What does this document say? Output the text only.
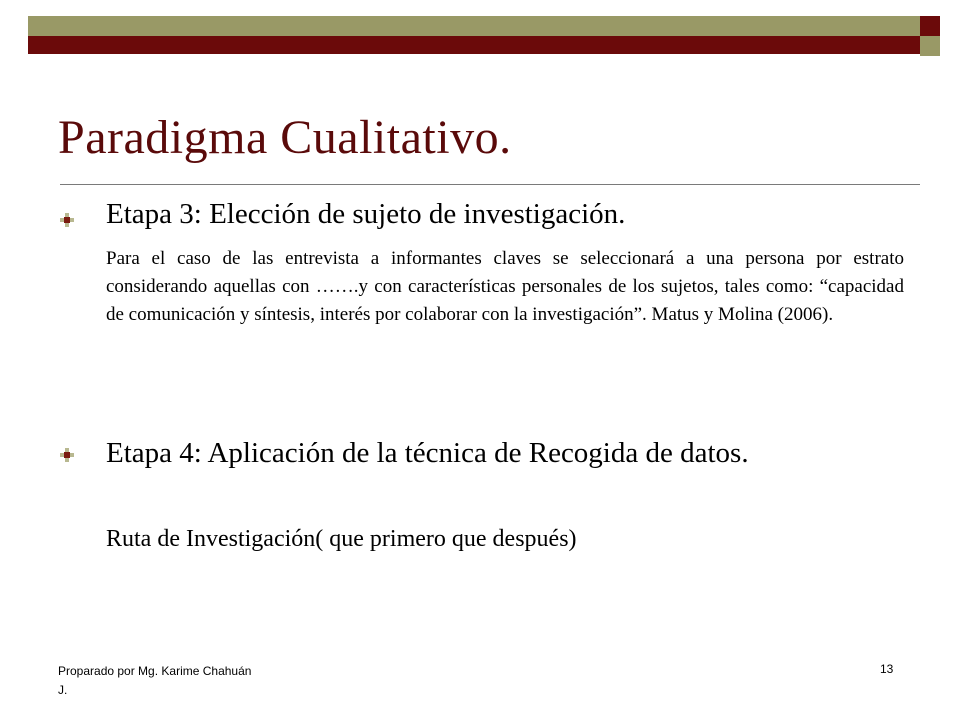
Paradigma Cualitativo.

Etapa 3: Elección de sujeto de investigación.

Para el caso de las entrevista a informantes claves se seleccionará a una persona por estrato considerando aquellas con …….y con características personales de los sujetos, tales como: “capacidad de comunicación y síntesis, interés por colaborar con la investigación”. Matus y Molina (2006).

Etapa 4: Aplicación de la técnica de Recogida de datos.

Ruta de Investigación( que primero que después)

Proparado por Mg. Karime Chahuán J.

13
